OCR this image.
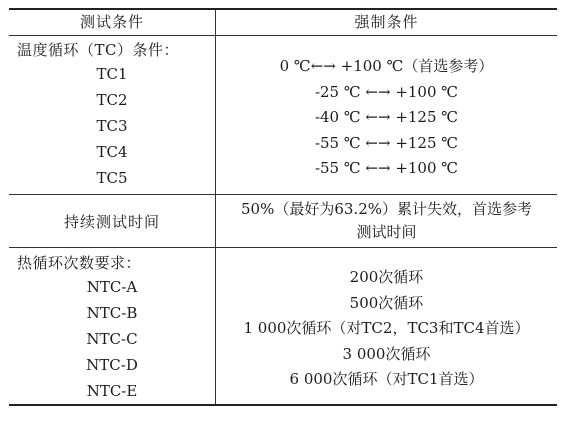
测试条件	强制条件
温度循环（TC）条件：
TC1
TC2
TC3
TC4
TC5
0 ℃←→ +100 ℃（首选参考）
-25 ℃ ←→ +100 ℃
-40 ℃ ←→ +125 ℃
-55 ℃ ←→ +125 ℃
-55 ℃ ←→ +100 ℃
持续测试时间
50%（最好为63.2%）累计失效，首选参考
测试时间
热循环次数要求：
NTC-A
NTC-B
NTC-C
NTC-D
NTC-E
200次循环
500次循环
1 000次循环（对TC2，TC3和TC4首选）
3 000次循环
6 000次循环（对TC1首选）
